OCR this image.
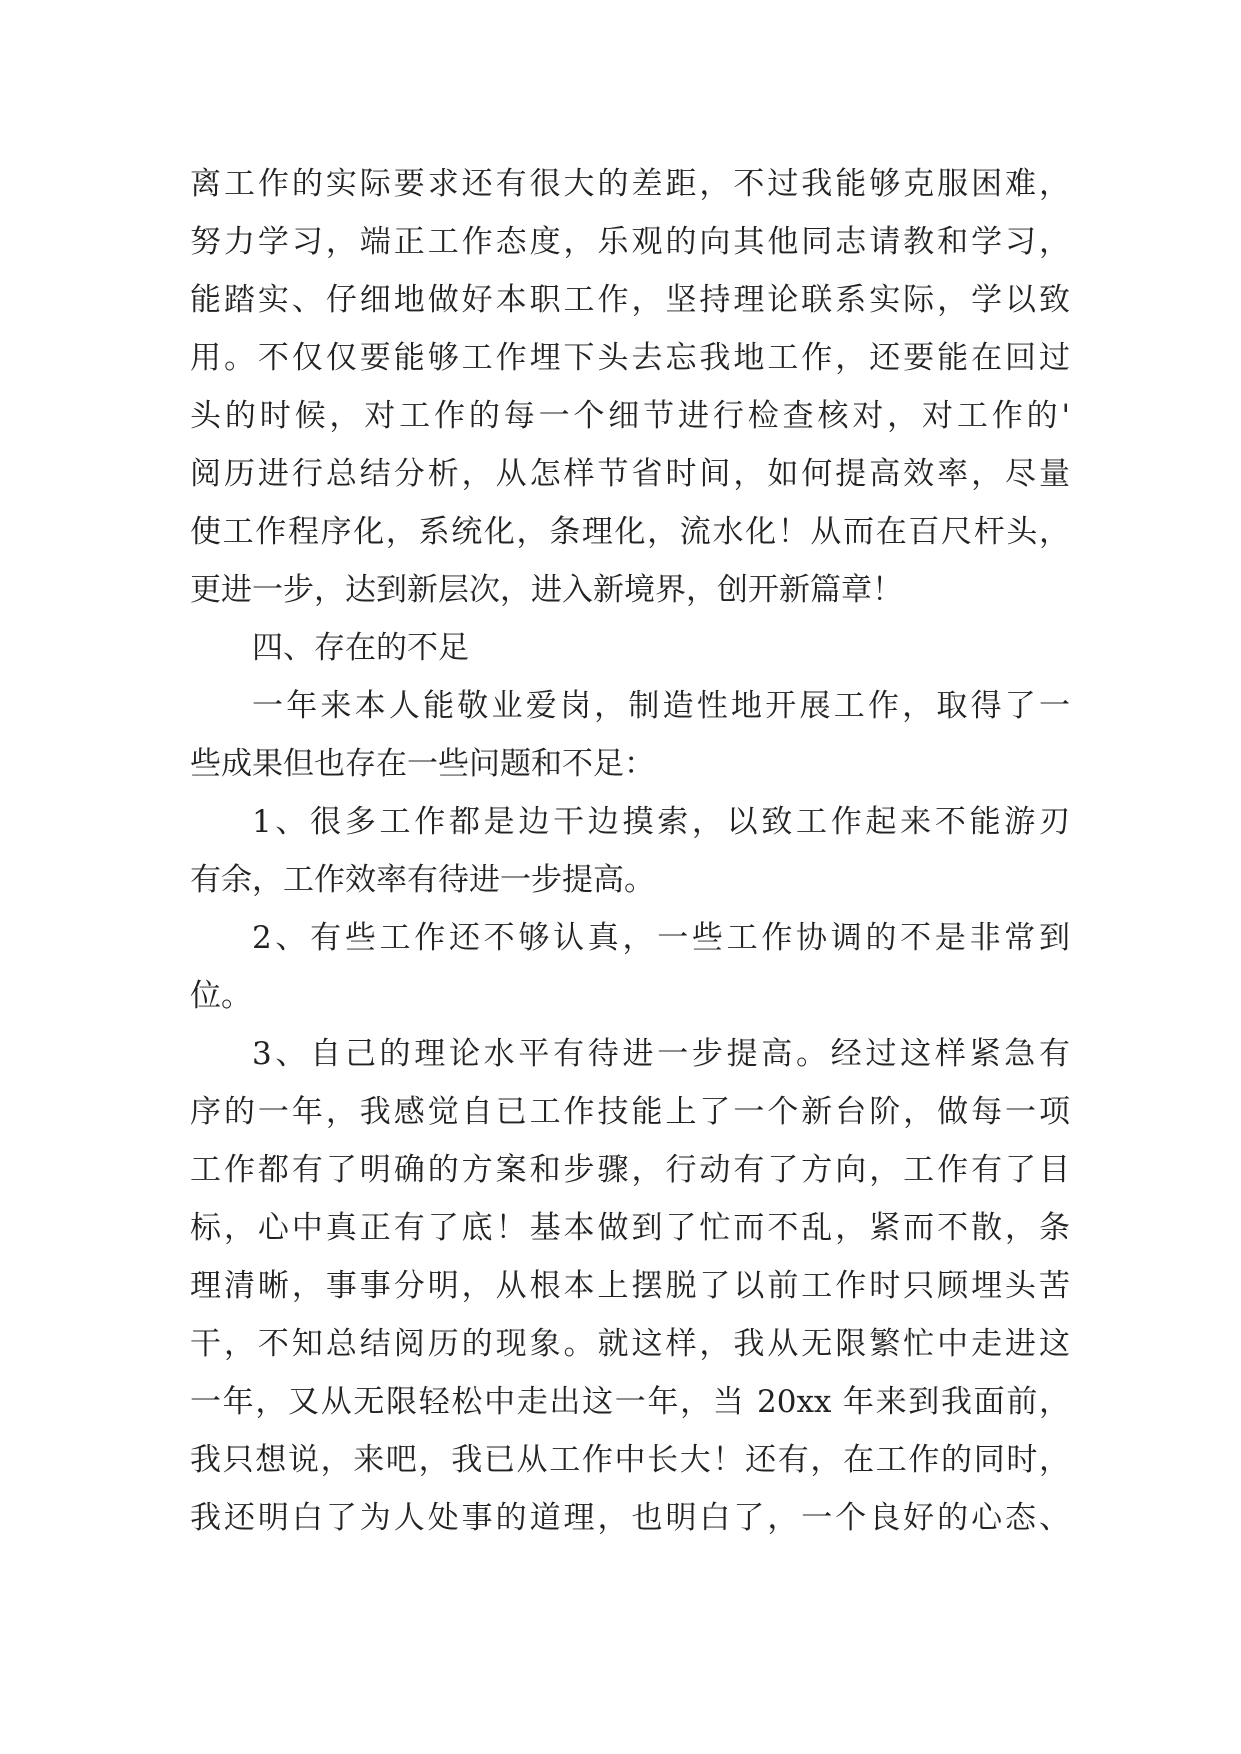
离工作的实际要求还有很大的差距，不过我能够克服困难，
努力学习，端正工作态度，乐观的向其他同志请教和学习，
能踏实、仔细地做好本职工作，坚持理论联系实际，学以致
用。不仅仅要能够工作埋下头去忘我地工作，还要能在回过
头的时候，对工作的每一个细节进行检查核对，对工作的'
阅历进行总结分析，从怎样节省时间，如何提高效率，尽量
使工作程序化，系统化，条理化，流水化！从而在百尺杆头，
更进一步，达到新层次，进入新境界，创开新篇章！
四、存在的不足
一年来本人能敬业爱岗，制造性地开展工作，取得了一
些成果但也存在一些问题和不足：
1、很多工作都是边干边摸索，以致工作起来不能游刃
有余，工作效率有待进一步提高。
2、有些工作还不够认真，一些工作协调的不是非常到
位。
3、自己的理论水平有待进一步提高。经过这样紧急有
序的一年，我感觉自已工作技能上了一个新台阶，做每一项
工作都有了明确的方案和步骤，行动有了方向，工作有了目
标，心中真正有了底！基本做到了忙而不乱，紧而不散，条
理清晰，事事分明，从根本上摆脱了以前工作时只顾埋头苦
干，不知总结阅历的现象。就这样，我从无限繁忙中走进这
一年，又从无限轻松中走出这一年，当 20xx 年来到我面前，
我只想说，来吧，我已从工作中长大！还有，在工作的同时，
我还明白了为人处事的道理，也明白了，一个良好的心态、
